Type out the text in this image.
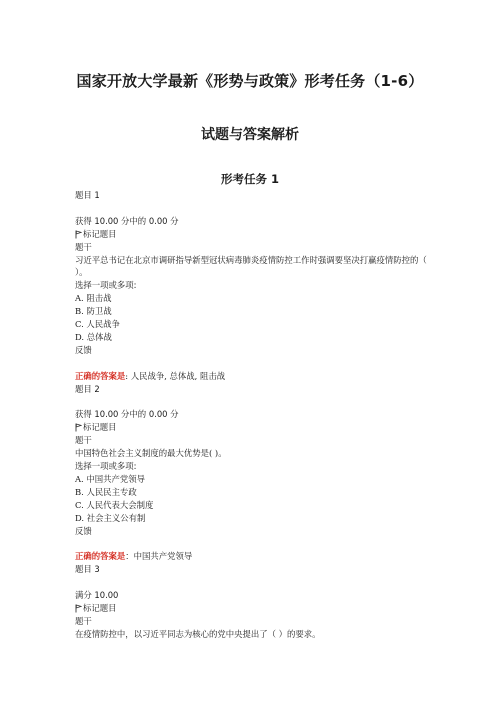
国家开放大学最新《形势与政策》形考任务（1-6）
试题与答案解析
形考任务 1
题目 1
获得 10.00 分中的 0.00 分
标记题目
题干
习近平总书记在北京市调研指导新型冠状病毒肺炎疫情防控工作时强调要坚决打赢疫情防控的（ ）。
选择一项或多项:
A. 阻击战
B. 防卫战
C. 人民战争
D. 总体战
反馈
正确的答案是: 人民战争, 总体战, 阻击战
题目 2
获得 10.00 分中的 0.00 分
标记题目
题干
中国特色社会主义制度的最大优势是( )。
选择一项或多项:
A. 中国共产党领导
B. 人民民主专政
C. 人民代表大会制度
D. 社会主义公有制
反馈
正确的答案是：中国共产党领导
题目 3
满分 10.00
标记题目
题干
在疫情防控中，以习近平同志为核心的党中央提出了（ ）的要求。
